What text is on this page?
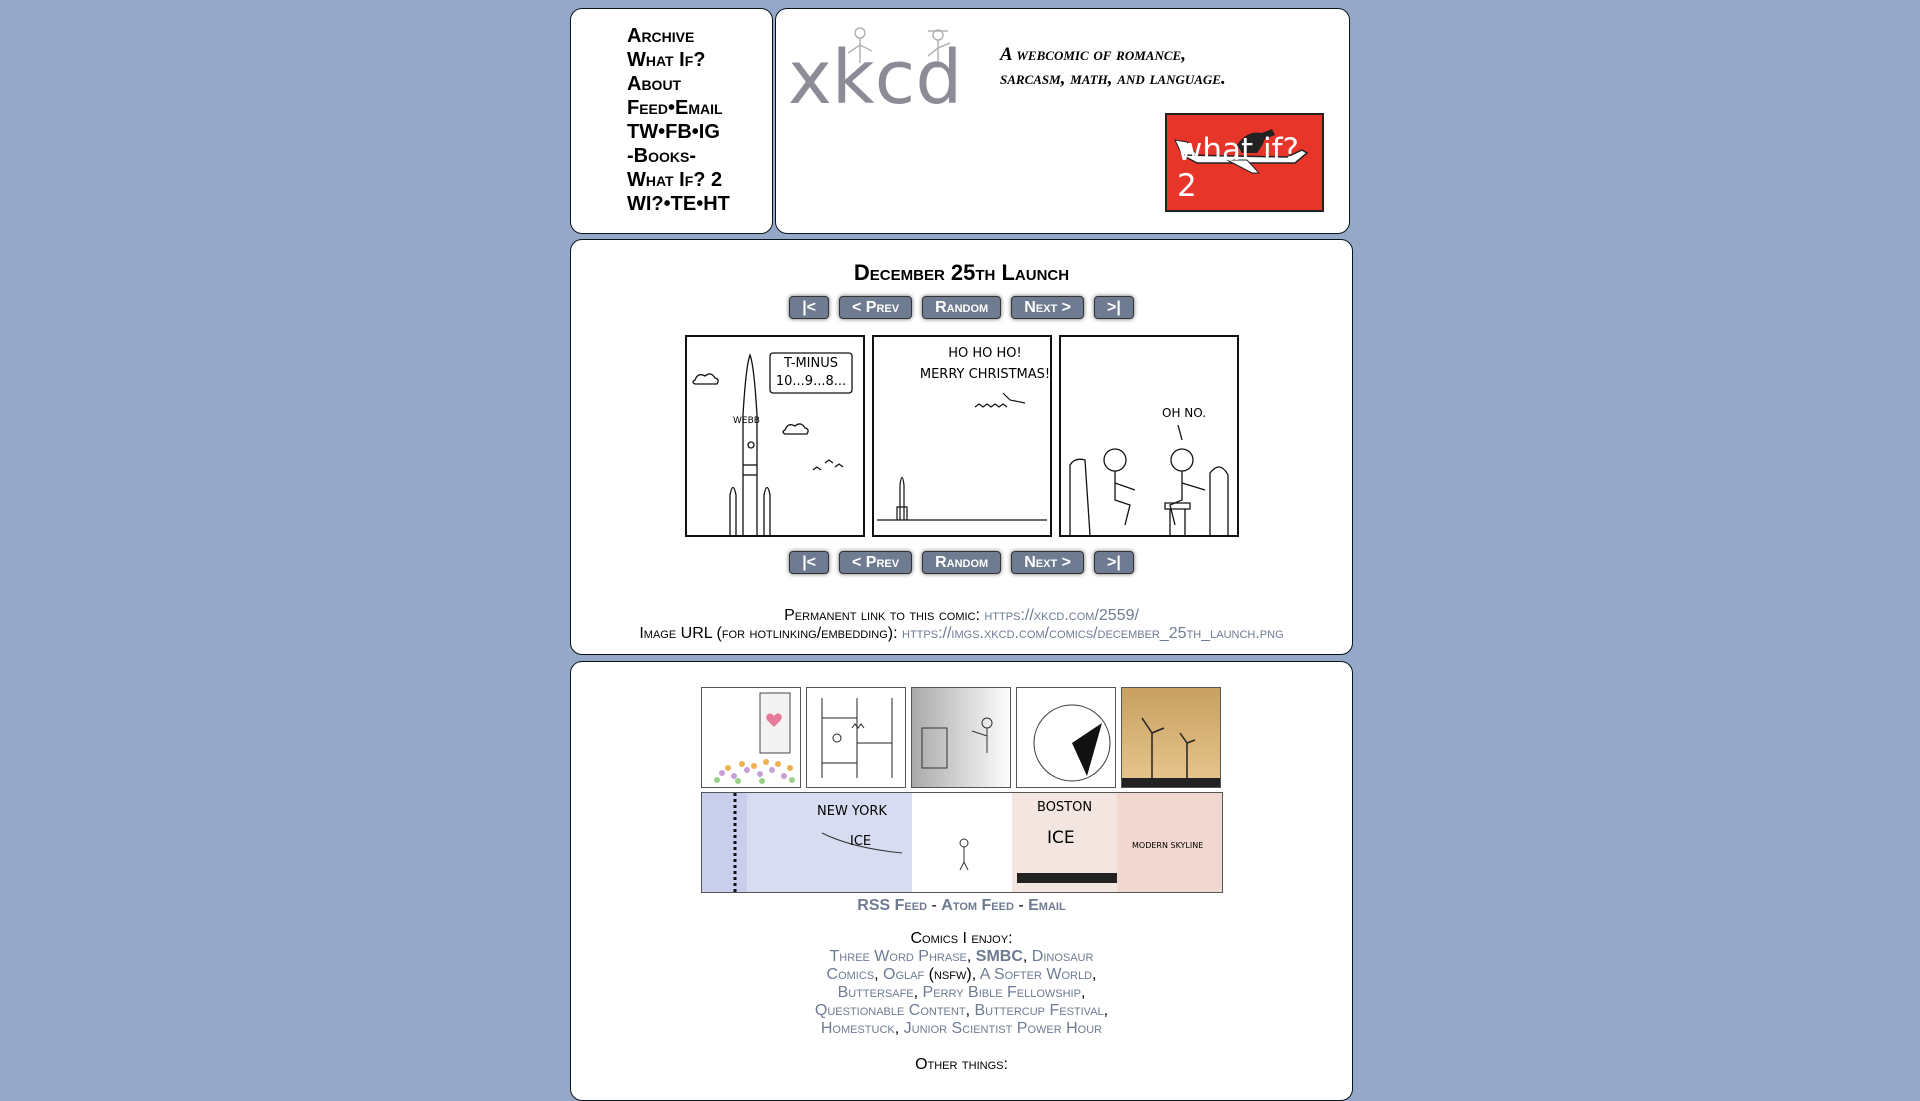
Archive
What If?
About
Feed•Email
TW•FB•IG
-Books-
What If? 2
WI?•TE•HT
xkcd A webcomic of romance,
sarcasm, math, and language.
what if? 2
December 25th Launch
|< < Prev Random Next > >|
T-MINUS
10...9...8...
WEBB
HO HO HO!
MERRY CHRISTMAS!
OH NO.
|< < Prev Random Next > >|
Permanent link to this comic: https://xkcd.com/2559/
Image URL (for hotlinking/embedding): https://imgs.xkcd.com/comics/december_25th_launch.png
NEW YORK
ICE
BOSTON
ICE	MODERN SKYLINE
RSS Feed - Atom Feed - Email
Comics I enjoy:
Three Word Phrase, SMBC, Dinosaur
Comics, Oglaf (nsfw), A Softer World,
Buttersafe, Perry Bible Fellowship,
Questionable Content, Buttercup Festival,
Homestuck, Junior Scientist Power Hour
Other things:
